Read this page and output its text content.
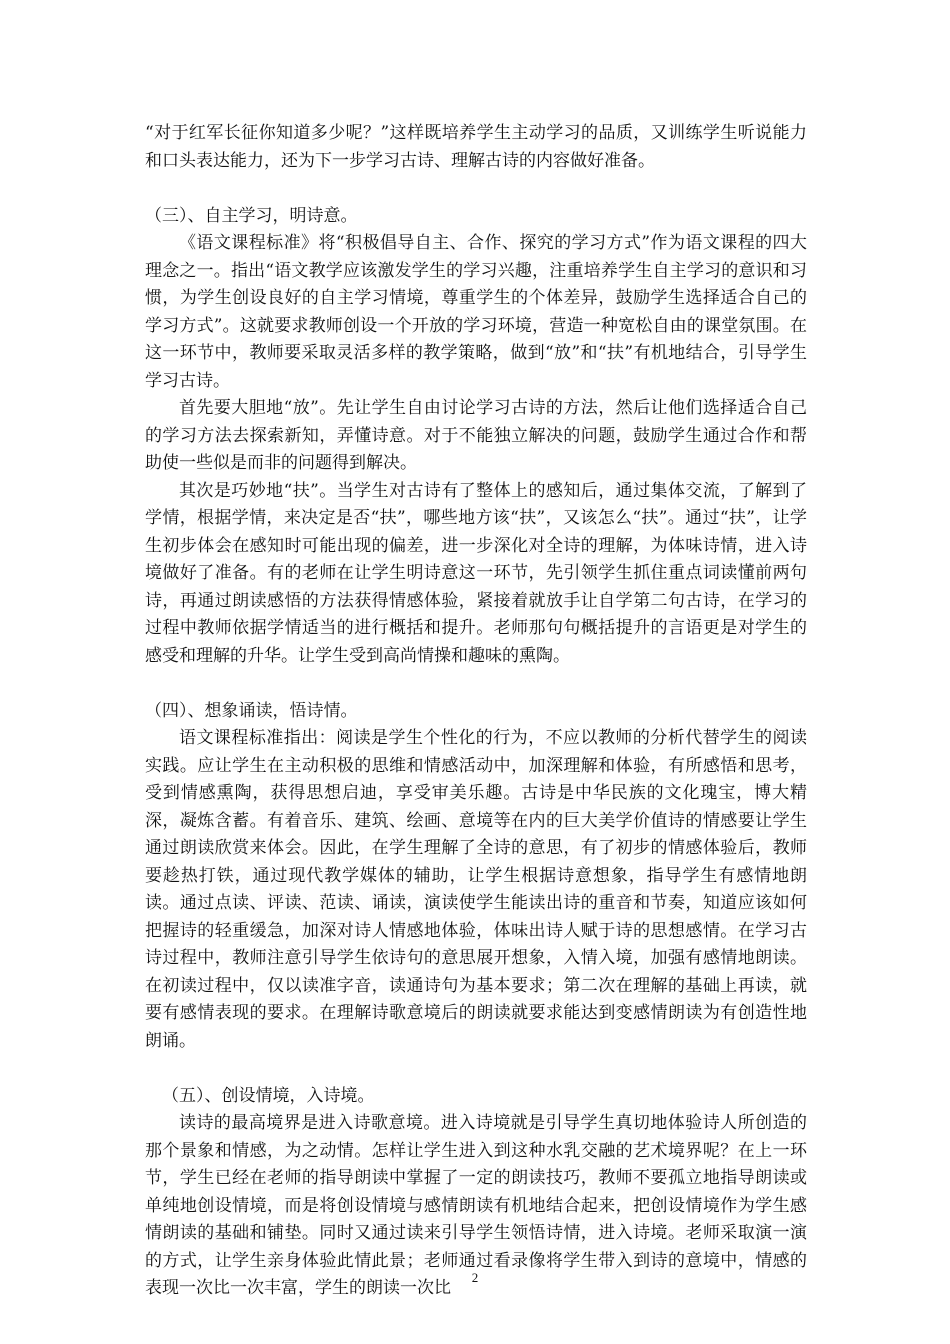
“对于红军长征你知道多少呢？”这样既培养学生主动学习的品质，又训练学生听说能力和口头表达能力，还为下一步学习古诗、理解古诗的内容做好准备。

（三）、自主学习，明诗意。

《语文课程标准》将“积极倡导自主、合作、探究的学习方式”作为语文课程的四大理念之一。指出“语文教学应该激发学生的学习兴趣，注重培养学生自主学习的意识和习惯，为学生创设良好的自主学习情境，尊重学生的个体差异，鼓励学生选择适合自己的学习方式”。这就要求教师创设一个开放的学习环境，营造一种宽松自由的课堂氛围。在这一环节中，教师要采取灵活多样的教学策略，做到“放”和“扶”有机地结合，引导学生学习古诗。

首先要大胆地“放”。先让学生自由讨论学习古诗的方法，然后让他们选择适合自己的学习方法去探索新知，弄懂诗意。对于不能独立解决的问题，鼓励学生通过合作和帮助使一些似是而非的问题得到解决。

其次是巧妙地“扶”。当学生对古诗有了整体上的感知后，通过集体交流，了解到了学情，根据学情，来决定是否“扶”，哪些地方该“扶”，又该怎么“扶”。通过“扶”，让学生初步体会在感知时可能出现的偏差，进一步深化对全诗的理解，为体味诗情，进入诗境做好了准备。有的老师在让学生明诗意这一环节，先引领学生抓住重点词读懂前两句诗，再通过朗读感悟的方法获得情感体验，紧接着就放手让自学第二句古诗，在学习的过程中教师依据学情适当的进行概括和提升。老师那句句概括提升的言语更是对学生的感受和理解的升华。让学生受到高尚情操和趣味的熏陶。

（四）、想象诵读，悟诗情。

语文课程标准指出：阅读是学生个性化的行为，不应以教师的分析代替学生的阅读实践。应让学生在主动积极的思维和情感活动中，加深理解和体验，有所感悟和思考，受到情感熏陶，获得思想启迪，享受审美乐趣。古诗是中华民族的文化瑰宝，博大精深，凝炼含蓄。有着音乐、建筑、绘画、意境等在内的巨大美学价值诗的情感要让学生通过朗读欣赏来体会。因此，在学生理解了全诗的意思，有了初步的情感体验后，教师要趁热打铁，通过现代教学媒体的辅助，让学生根据诗意想象，指导学生有感情地朗读。通过点读、评读、范读、诵读，演读使学生能读出诗的重音和节奏，知道应该如何把握诗的轻重缓急，加深对诗人情感地体验，体味出诗人赋于诗的思想感情。在学习古诗过程中，教师注意引导学生依诗句的意思展开想象，入情入境，加强有感情地朗读。在初读过程中，仅以读准字音，读通诗句为基本要求；第二次在理解的基础上再读，就要有感情表现的要求。在理解诗歌意境后的朗读就要求能达到变感情朗读为有创造性地朗诵。

（五）、创设情境，入诗境。

读诗的最高境界是进入诗歌意境。进入诗境就是引导学生真切地体验诗人所创造的那个景象和情感，为之动情。怎样让学生进入到这种水乳交融的艺术境界呢？在上一环节，学生已经在老师的指导朗读中掌握了一定的朗读技巧，教师不要孤立地指导朗读或单纯地创设情境，而是将创设情境与感情朗读有机地结合起来，把创设情境作为学生感情朗读的基础和铺垫。同时又通过读来引导学生领悟诗情，进入诗境。老师采取演一演的方式，让学生亲身体验此情此景；老师通过看录像将学生带入到诗的意境中，情感的表现一次比一次丰富，学生的朗读一次比

2
